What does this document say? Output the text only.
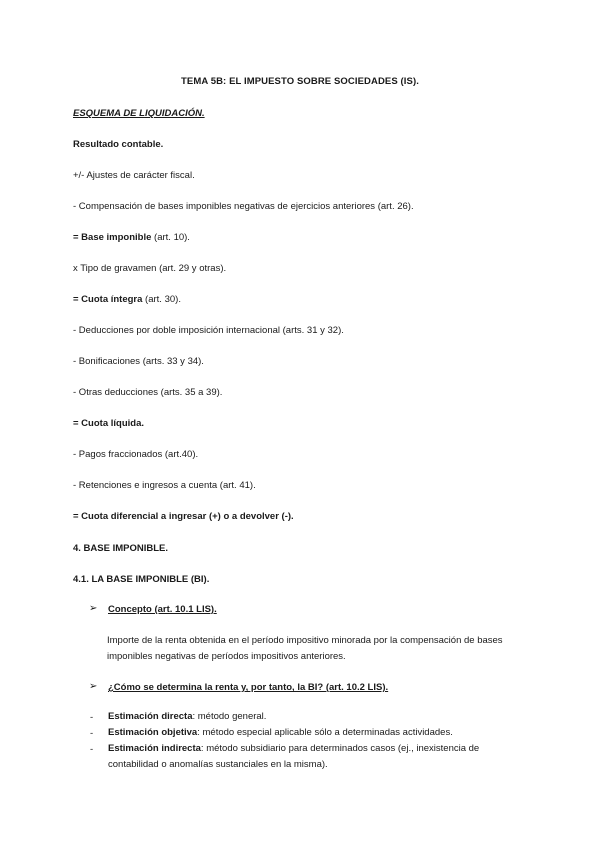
TEMA 5B: EL IMPUESTO SOBRE SOCIEDADES (IS).
ESQUEMA DE LIQUIDACIÓN.
Resultado contable.
+/- Ajustes de carácter fiscal.
- Compensación de bases imponibles negativas de ejercicios anteriores (art. 26).
= Base imponible (art. 10).
x Tipo de gravamen (art. 29 y otras).
= Cuota íntegra (art. 30).
- Deducciones por doble imposición internacional (arts. 31 y 32).
- Bonificaciones (arts. 33 y 34).
- Otras deducciones (arts. 35 a 39).
= Cuota líquida.
- Pagos fraccionados (art.40).
- Retenciones e ingresos a cuenta (art. 41).
= Cuota diferencial a ingresar (+) o a devolver (-).
4. BASE IMPONIBLE.
4.1. LA BASE IMPONIBLE (BI).
➢ Concepto (art. 10.1 LIS).
Importe de la renta obtenida en el período impositivo minorada por la compensación de bases imponibles negativas de períodos impositivos anteriores.
➢ ¿Cómo se determina la renta y, por tanto, la BI? (art. 10.2 LIS).
- Estimación directa: método general.
- Estimación objetiva: método especial aplicable sólo a determinadas actividades.
- Estimación indirecta: método subsidiario para determinados casos (ej., inexistencia de contabilidad o anomalías sustanciales en la misma).
